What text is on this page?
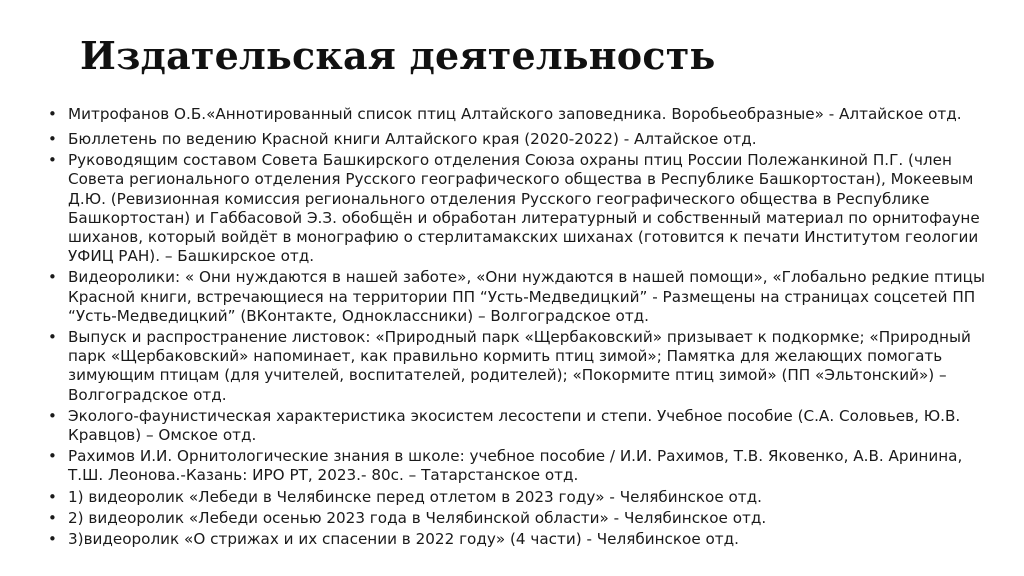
Издательская деятельность
• Митрофанов О.Б.«Аннотированный список птиц Алтайского заповедника. Воробьеобразные» - Алтайское отд.
• Бюллетень по ведению Красной книги Алтайского края (2020-2022) - Алтайское отд.
• Руководящим составом Совета Башкирского отделения Союза охраны птиц России Полежанкиной П.Г. (член Совета регионального отделения Русского географического общества в Республике Башкортостан), Мокеевым Д.Ю. (Ревизионная комиссия регионального отделения Русского географического общества в Республике Башкортостан) и Габбасовой Э.З. обобщён и обработан литературный и собственный материал по орнитофауне шиханов, который войдёт в монографию о стерлитамакских шиханах (готовится к печати Институтом геологии УФИЦ РАН). – Башкирское отд.
• Видеоролики: « Они нуждаются в нашей заботе», «Они нуждаются в нашей помощи», «Глобально редкие птицы Красной книги, встречающиеся на территории ПП “Усть-Медведицкий” - Размещены на страницах соцсетей ПП “Усть-Медведицкий” (ВКонтакте, Одноклассники) – Волгоградское отд.
• Выпуск и распространение листовок: «Природный парк «Щербаковский» призывает к подкормке; «Природный парк «Щербаковский» напоминает, как правильно кормить птиц зимой»; Памятка для желающих помогать зимующим птицам (для учителей, воспитателей, родителей); «Покормите птиц зимой» (ПП «Эльтонский») – Волгоградское отд.
• Эколого-фаунистическая характеристика экосистем лесостепи и степи. Учебное пособие (С.А. Соловьев, Ю.В. Кравцов) – Омское отд.
• Рахимов И.И. Орнитологические знания в школе: учебное пособие / И.И. Рахимов, Т.В. Яковенко, А.В. Аринина, Т.Ш. Леонова.-Казань: ИРО РТ, 2023.- 80с. – Татарстанское отд.
• 1) видеоролик «Лебеди в Челябинске перед отлетом в 2023 году» - Челябинское отд.
• 2) видеоролик «Лебеди осенью 2023 года в Челябинской области» - Челябинское отд.
• 3)видеоролик «О стрижах и их спасении в 2022 году» (4 части) - Челябинское отд.
